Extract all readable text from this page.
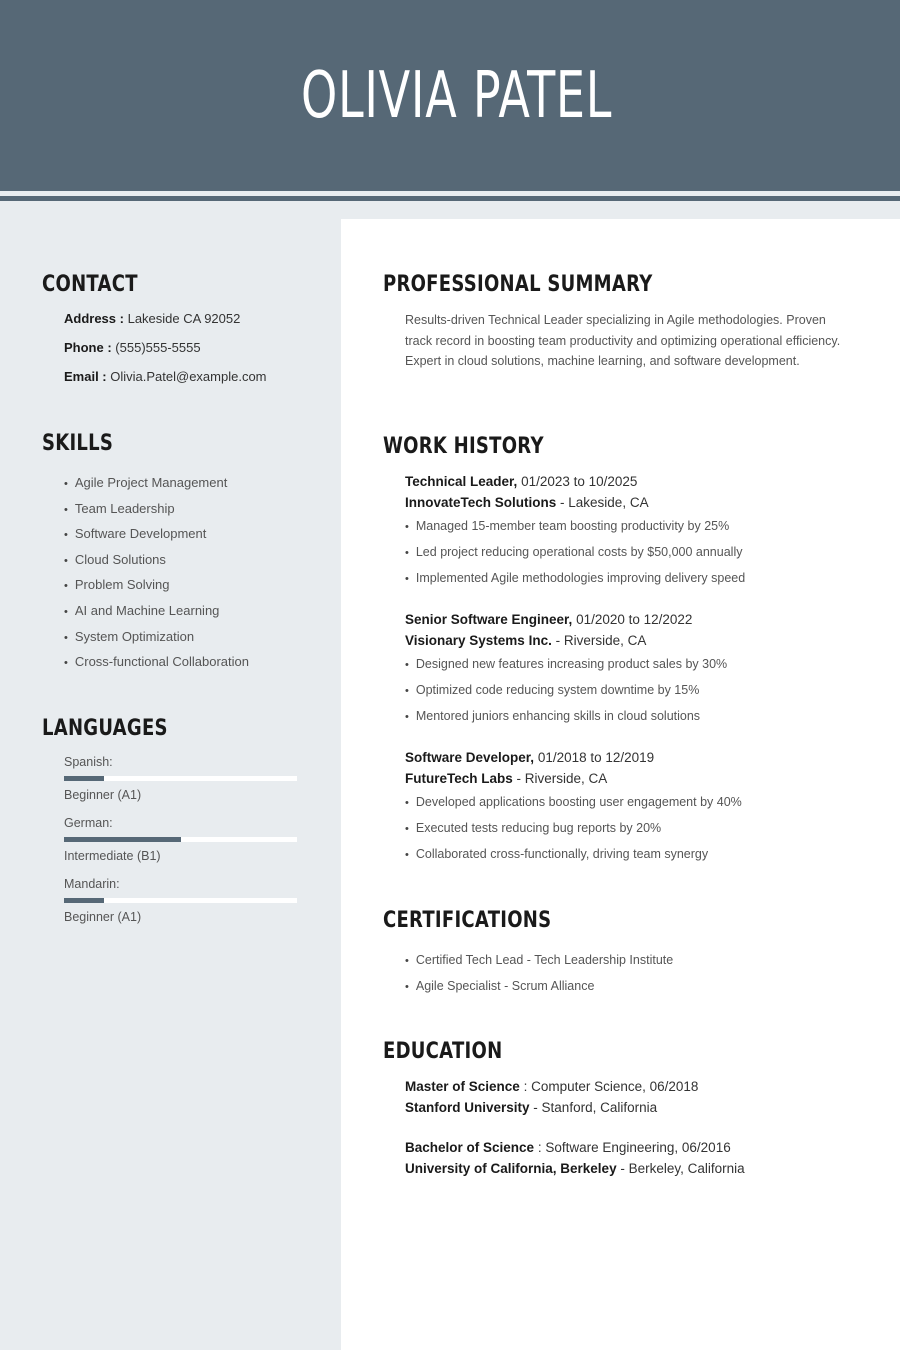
OLIVIA PATEL
CONTACT
Address : Lakeside CA 92052
Phone : (555)555-5555
Email : Olivia.Patel@example.com
SKILLS
• Agile Project Management
• Team Leadership
• Software Development
• Cloud Solutions
• Problem Solving
• AI and Machine Learning
• System Optimization
• Cross-functional Collaboration
LANGUAGES
Spanish:
Beginner (A1)
German:
Intermediate (B1)
Mandarin:
Beginner (A1)
PROFESSIONAL SUMMARY

Results-driven Technical Leader specializing in Agile methodologies. Proven track record in boosting team productivity and optimizing operational efficiency. Expert in cloud solutions, machine learning, and software development.

WORK HISTORY
Technical Leader, 01/2023 to 10/2025
InnovateTech Solutions - Lakeside, CA
• Managed 15-member team boosting productivity by 25%
• Led project reducing operational costs by $50,000 annually
• Implemented Agile methodologies improving delivery speed
Senior Software Engineer, 01/2020 to 12/2022
Visionary Systems Inc. - Riverside, CA
• Designed new features increasing product sales by 30%
• Optimized code reducing system downtime by 15%
• Mentored juniors enhancing skills in cloud solutions
Software Developer, 01/2018 to 12/2019
FutureTech Labs - Riverside, CA
• Developed applications boosting user engagement by 40%
• Executed tests reducing bug reports by 20%
• Collaborated cross-functionally, driving team synergy
CERTIFICATIONS
• Certified Tech Lead - Tech Leadership Institute
• Agile Specialist - Scrum Alliance
EDUCATION
Master of Science : Computer Science, 06/2018
Stanford University - Stanford, California
Bachelor of Science : Software Engineering, 06/2016
University of California, Berkeley - Berkeley, California
